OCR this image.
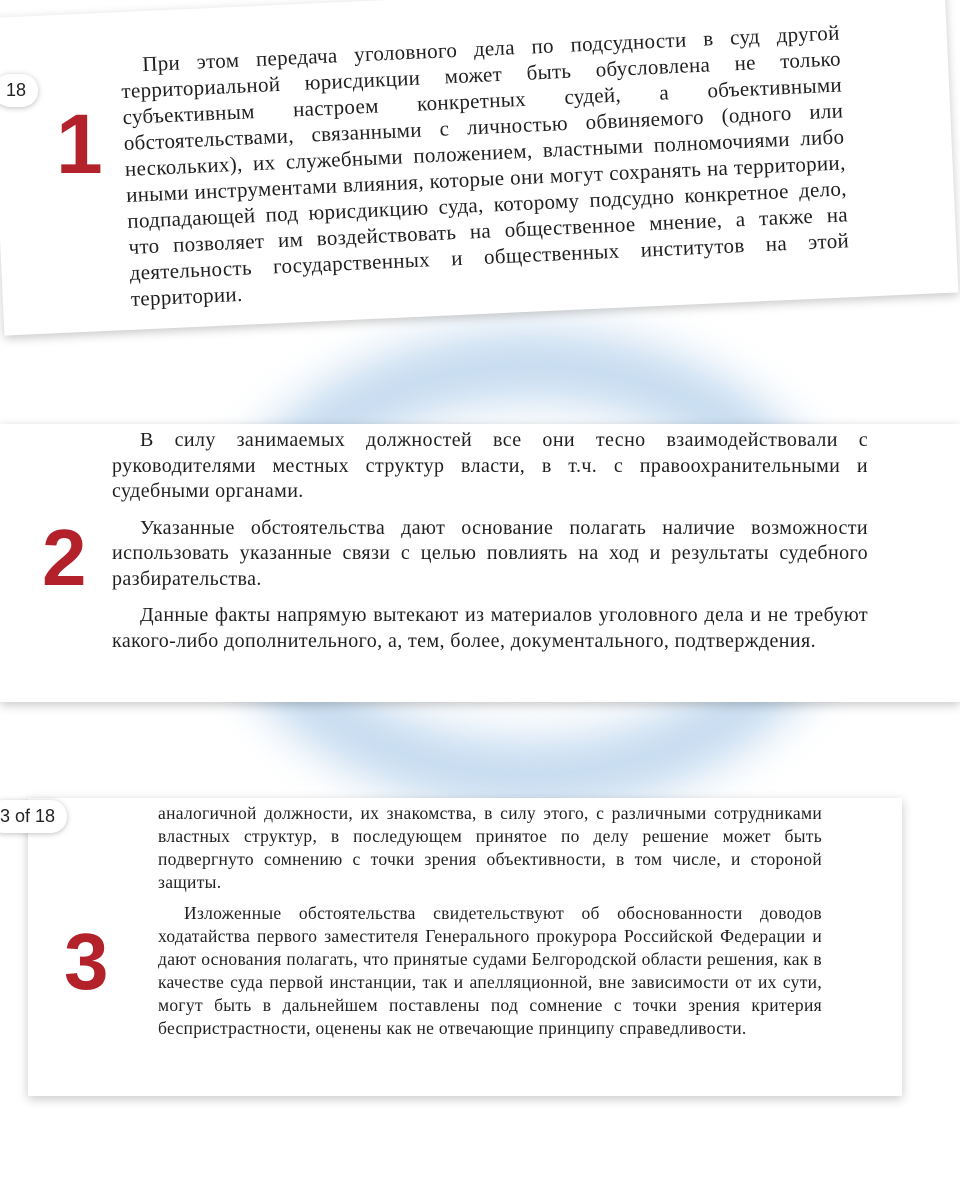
При этом передача уголовного дела по подсудности в суд другой территориальной юрисдикции может быть обусловлена не только субъективным настроем конкретных судей, а объективными обстоятельствами, связанными с личностью обвиняемого (одного или нескольких), их служебными положением, властными полномочиями либо иными инструментами влияния, которые они могут сохранять на территории, подпадающей под юрисдикцию суда, которому подсудно конкретное дело, что позволяет им воздействовать на общественное мнение, а также на деятельность государственных и общественных институтов на этой территории.

18
1

В силу занимаемых должностей все они тесно взаимодействовали с руководителями местных структур власти, в т.ч. с правоохранительными и судебными органами.

Указанные обстоятельства дают основание полагать наличие возможности использовать указанные связи с целью повлиять на ход и результаты судебного разбирательства.

Данные факты напрямую вытекают из материалов уголовного дела и не требуют какого-либо дополнительного, а, тем, более, документального, подтверждения.

2

аналогичной должности, их знакомства, в силу этого, с различными сотрудниками властных структур, в последующем принятое по делу решение может быть подвергнуто сомнению с точки зрения объективности, в том числе, и стороной защиты.

Изложенные обстоятельства свидетельствуют об обоснованности доводов ходатайства первого заместителя Генерального прокурора Российской Федерации и дают основания полагать, что принятые судами Белгородской области решения, как в качестве суда первой инстанции, так и апелляционной, вне зависимости от их сути, могут быть в дальнейшем поставлены под сомнение с точки зрения критерия беспристрастности, оценены как не отвечающие принципу справедливости.

3 of 18
3
